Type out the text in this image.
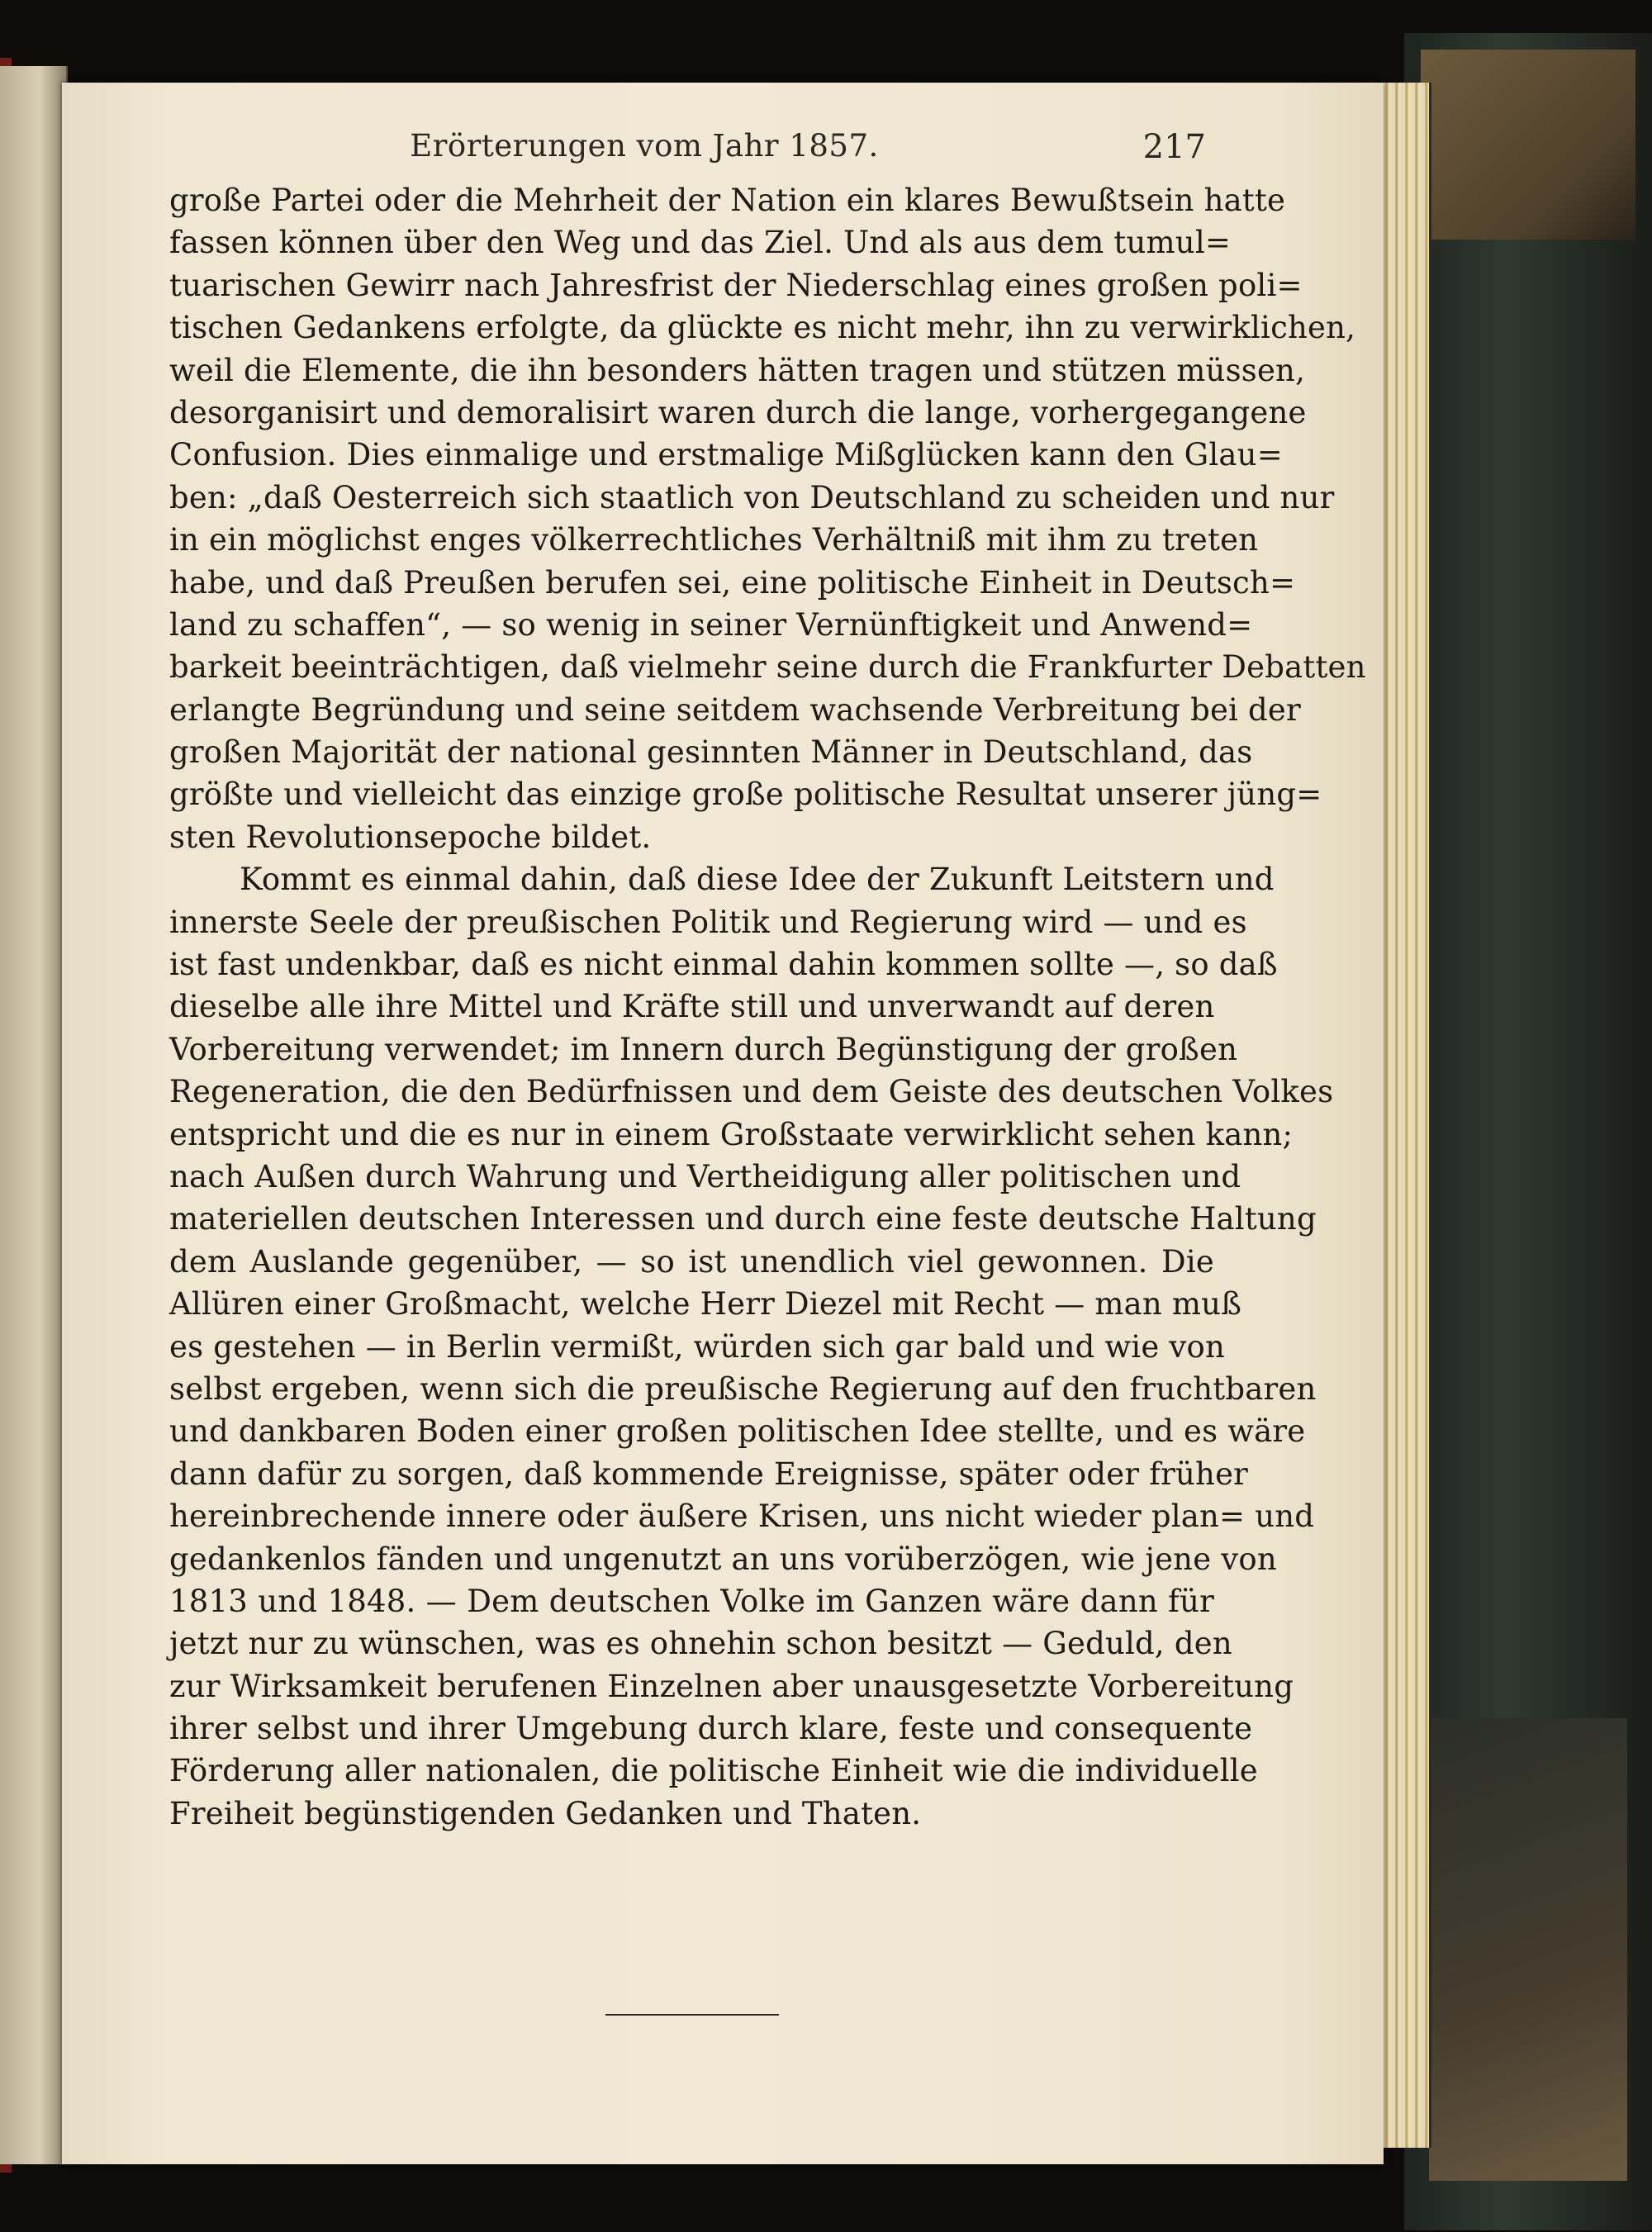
Erörterungen vom Jahr 1857.	217
große Partei oder die Mehrheit der Nation ein klares Bewußtsein hatte
fassen können über den Weg und das Ziel. Und als aus dem tumul=
tuarischen Gewirr nach Jahresfrist der Niederschlag eines großen poli=
tischen Gedankens erfolgte, da glückte es nicht mehr, ihn zu verwirklichen,
weil die Elemente, die ihn besonders hätten tragen und stützen müssen,
desorganisirt und demoralisirt waren durch die lange, vorhergegangene
Confusion. Dies einmalige und erstmalige Mißglücken kann den Glau=
ben: „daß Oesterreich sich staatlich von Deutschland zu scheiden und nur
in ein möglichst enges völkerrechtliches Verhältniß mit ihm zu treten
habe, und daß Preußen berufen sei, eine politische Einheit in Deutsch=
land zu schaffen“, — so wenig in seiner Vernünftigkeit und Anwend=
barkeit beeinträchtigen, daß vielmehr seine durch die Frankfurter Debatten
erlangte Begründung und seine seitdem wachsende Verbreitung bei der
großen Majorität der national gesinnten Männer in Deutschland, das
größte und vielleicht das einzige große politische Resultat unserer jüng=
sten Revolutionsepoche bildet.
Kommt es einmal dahin, daß diese Idee der Zukunft Leitstern und
innerste Seele der preußischen Politik und Regierung wird — und es
ist fast undenkbar, daß es nicht einmal dahin kommen sollte —, so daß
dieselbe alle ihre Mittel und Kräfte still und unverwandt auf deren
Vorbereitung verwendet; im Innern durch Begünstigung der großen
Regeneration, die den Bedürfnissen und dem Geiste des deutschen Volkes
entspricht und die es nur in einem Großstaate verwirklicht sehen kann;
nach Außen durch Wahrung und Vertheidigung aller politischen und
materiellen deutschen Interessen und durch eine feste deutsche Haltung
dem Auslande gegenüber, — so ist unendlich viel gewonnen. Die
Allüren einer Großmacht, welche Herr Diezel mit Recht — man muß
es gestehen — in Berlin vermißt, würden sich gar bald und wie von
selbst ergeben, wenn sich die preußische Regierung auf den fruchtbaren
und dankbaren Boden einer großen politischen Idee stellte, und es wäre
dann dafür zu sorgen, daß kommende Ereignisse, später oder früher
hereinbrechende innere oder äußere Krisen, uns nicht wieder plan= und
gedankenlos fänden und ungenutzt an uns vorüberzögen, wie jene von
1813 und 1848. — Dem deutschen Volke im Ganzen wäre dann für
jetzt nur zu wünschen, was es ohnehin schon besitzt — Geduld, den
zur Wirksamkeit berufenen Einzelnen aber unausgesetzte Vorbereitung
ihrer selbst und ihrer Umgebung durch klare, feste und consequente
Förderung aller nationalen, die politische Einheit wie die individuelle
Freiheit begünstigenden Gedanken und Thaten.
